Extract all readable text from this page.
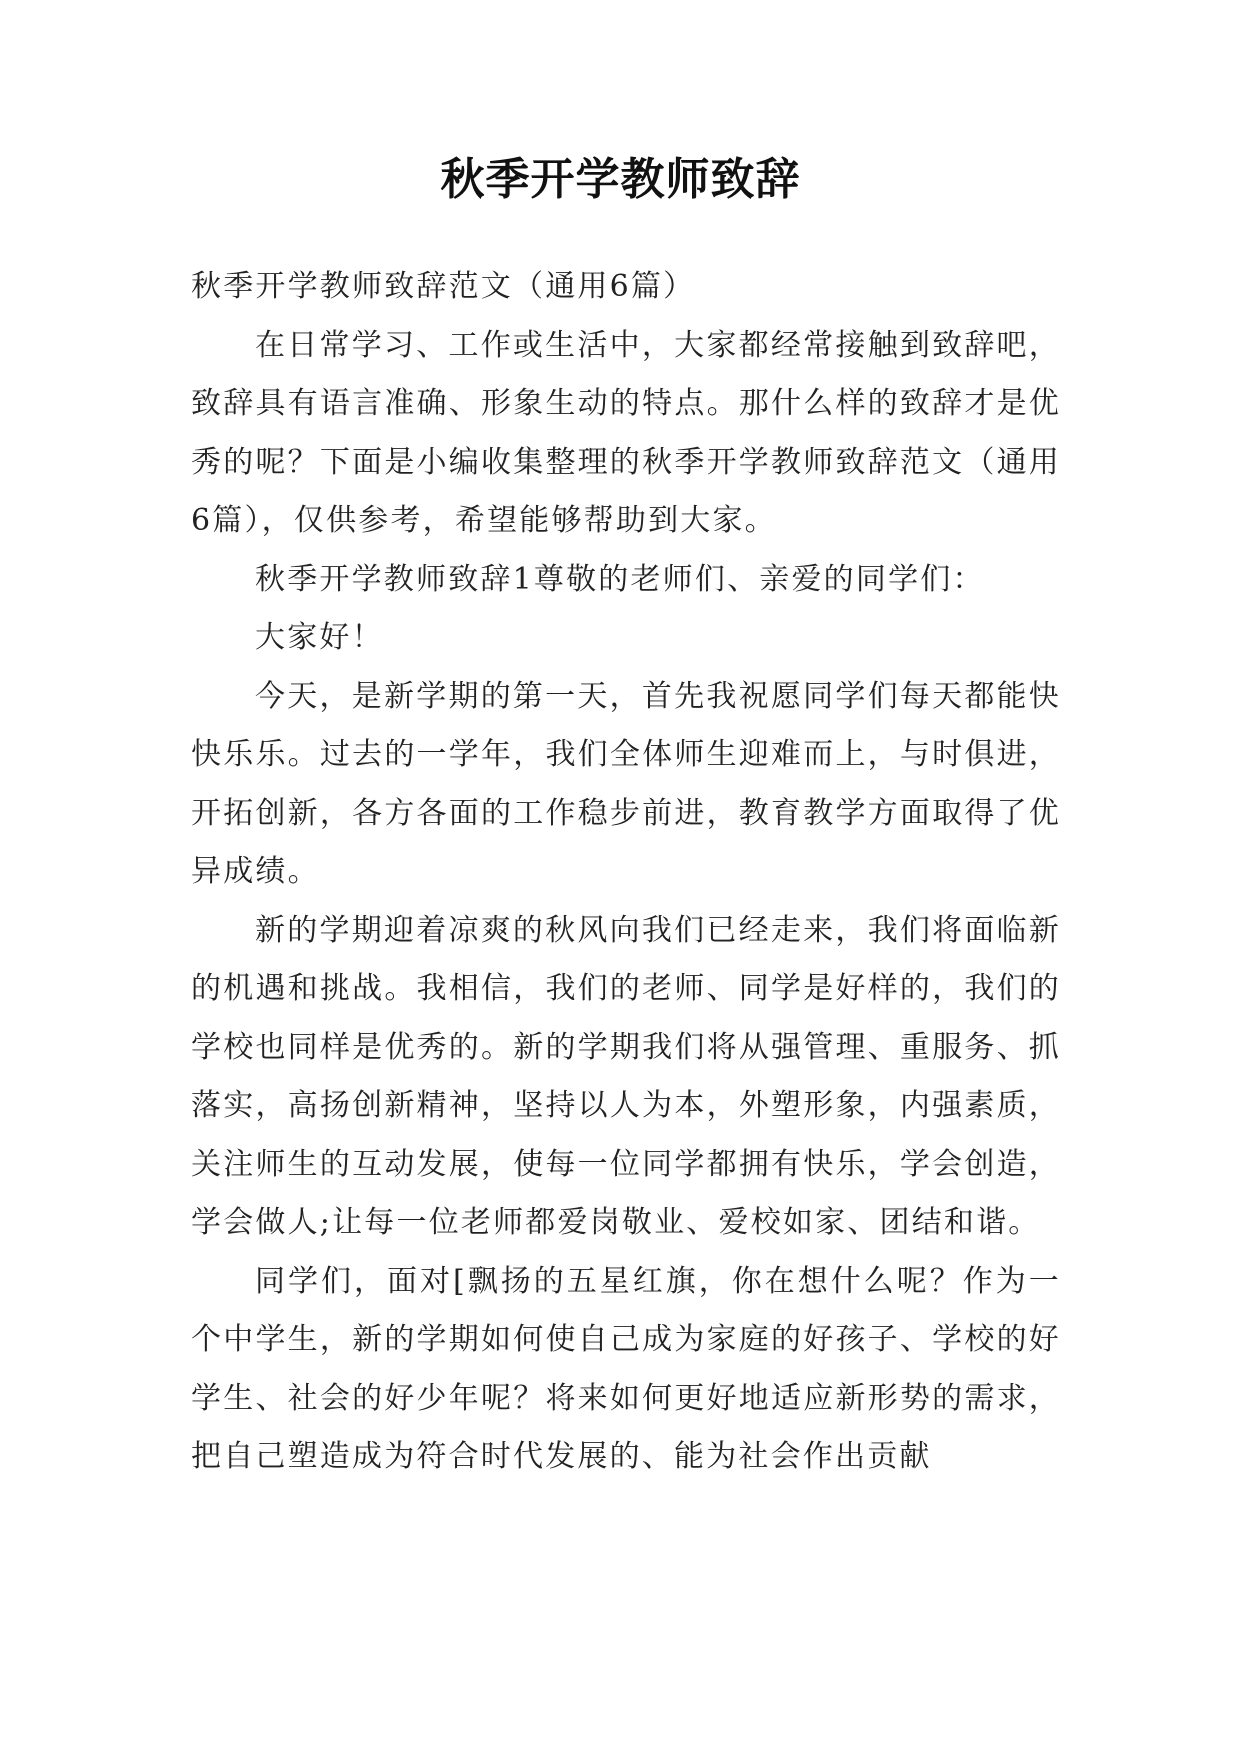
秋季开学教师致辞

秋季开学教师致辞范文（通用6篇）

在日常学习、工作或生活中，大家都经常接触到致辞吧，致辞具有语言准确、形象生动的特点。那什么样的致辞才是优秀的呢？下面是小编收集整理的秋季开学教师致辞范文（通用6篇），仅供参考，希望能够帮助到大家。

秋季开学教师致辞1尊敬的老师们、亲爱的同学们：

大家好！

今天，是新学期的第一天，首先我祝愿同学们每天都能快快乐乐。过去的一学年，我们全体师生迎难而上，与时俱进，开拓创新，各方各面的工作稳步前进，教育教学方面取得了优异成绩。

新的学期迎着凉爽的秋风向我们已经走来，我们将面临新的机遇和挑战。我相信，我们的老师、同学是好样的，我们的学校也同样是优秀的。新的学期我们将从强管理、重服务、抓落实，高扬创新精神，坚持以人为本，外塑形象，内强素质，关注师生的互动发展，使每一位同学都拥有快乐，学会创造，学会做人;让每一位老师都爱岗敬业、爱校如家、团结和谐。

同学们，面对[飘扬的五星红旗，你在想什么呢？作为一个中学生，新的学期如何使自己成为家庭的好孩子、学校的好学生、社会的好少年呢？将来如何更好地适应新形势的需求，把自己塑造成为符合时代发展的、能为社会作出贡献
